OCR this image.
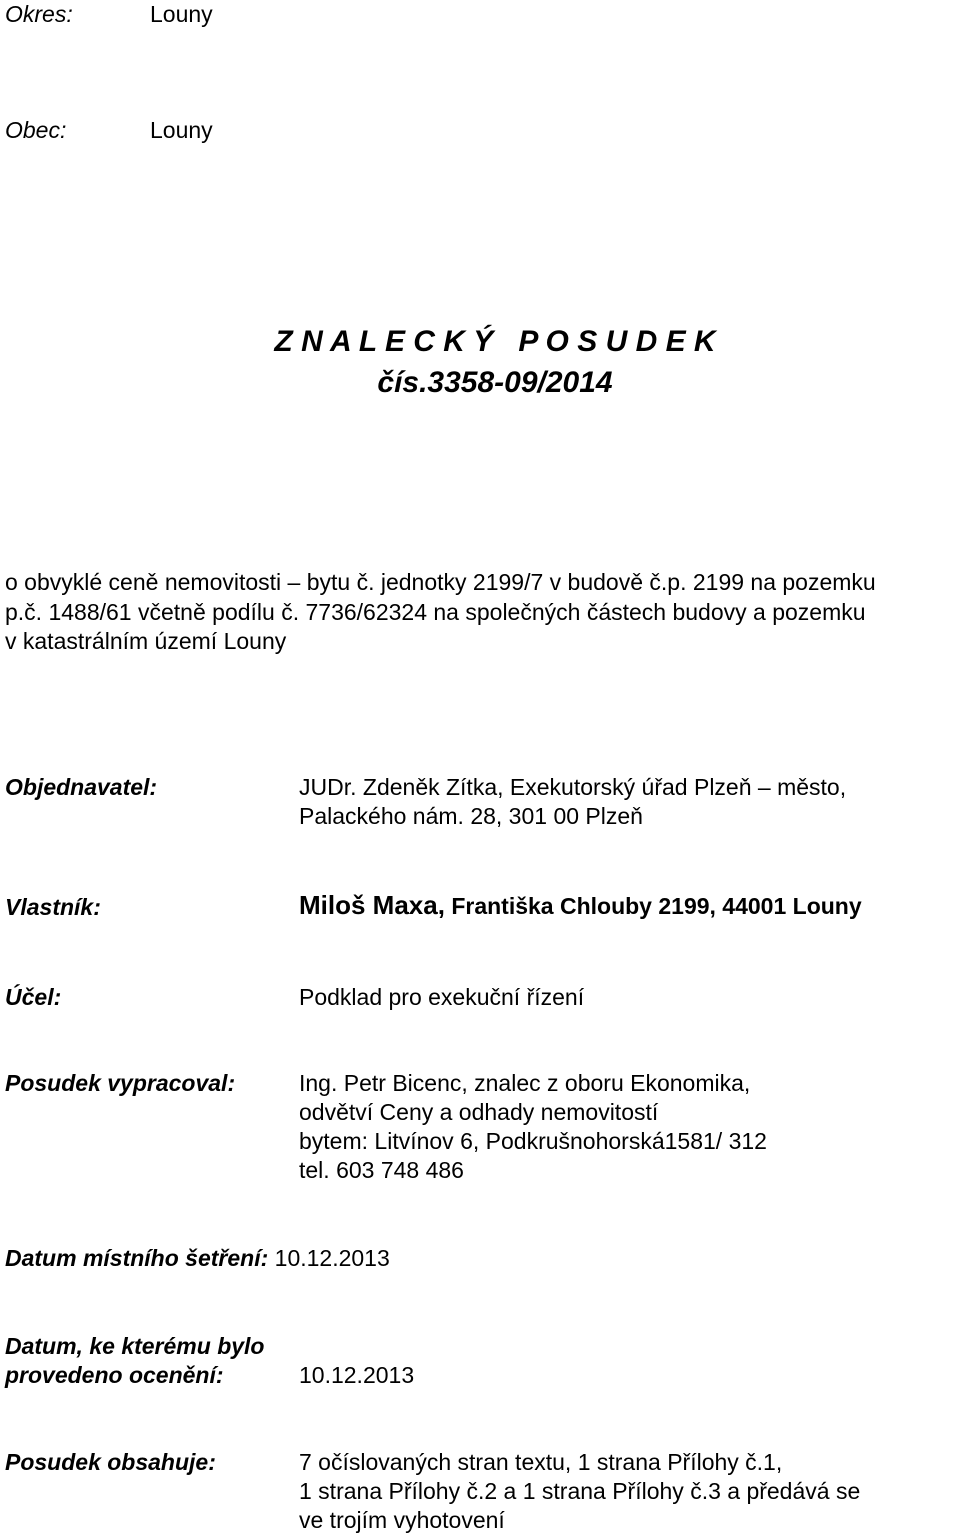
Okres:	Louny
Obec:	Louny
Z N A L E C K Ý   P O S U D E K
čís.3358-09/2014
o obvyklé ceně nemovitosti – bytu č. jednotky 2199/7 v budově č.p. 2199 na pozemku
p.č. 1488/61 včetně podílu č. 7736/62324 na společných částech budovy a pozemku
v katastrálním území Louny
Objednavatel:	JUDr. Zdeněk Zítka, Exekutorský úřad Plzeň – město,
Palackého nám. 28, 301 00 Plzeň
Vlastník:	Miloš Maxa, Františka Chlouby 2199, 44001 Louny
Účel:	Podklad pro exekuční řízení
Posudek vypracoval:	Ing. Petr Bicenc, znalec z oboru Ekonomika,
odvětví Ceny a odhady nemovitostí
bytem: Litvínov 6, Podkrušnohorská1581/ 312
tel. 603 748 486
Datum místního šetření: 10.12.2013
Datum, ke kterému bylo
provedeno ocenění:	10.12.2013
Posudek obsahuje:	7 očíslovaných stran textu, 1 strana Přílohy č.1,
1 strana Přílohy č.2 a 1 strana Přílohy č.3 a předává se
ve trojím vyhotovení
